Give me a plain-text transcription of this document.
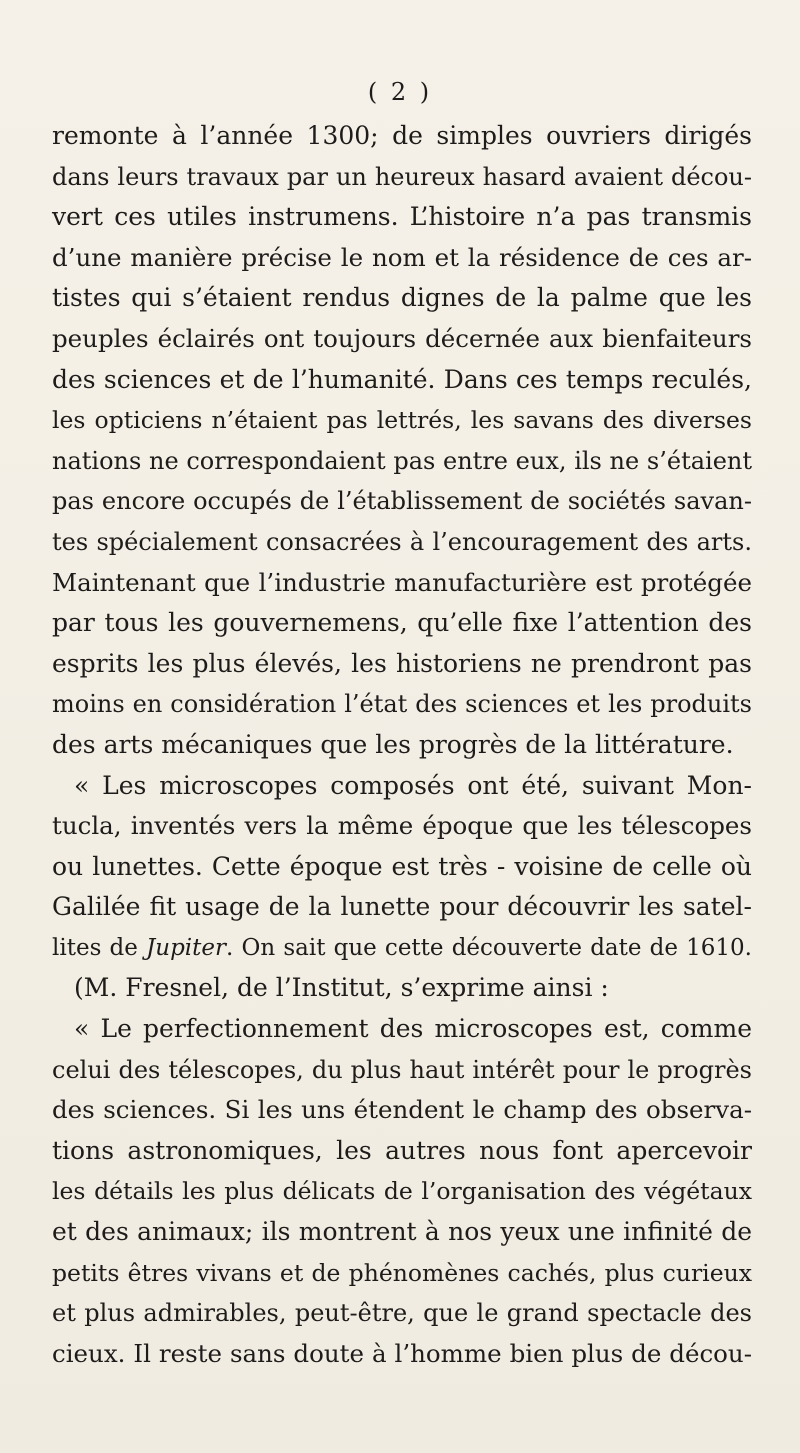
( 2 )
remonte à l’année 1300; de simples ouvriers dirigés
dans leurs travaux par un heureux hasard avaient décou-
vert ces utiles instrumens. L’histoire n’a pas transmis
d’une manière précise le nom et la résidence de ces ar-
tistes qui s’étaient rendus dignes de la palme que les
peuples éclairés ont toujours décernée aux bienfaiteurs
des sciences et de l’humanité. Dans ces temps reculés,
les opticiens n’étaient pas lettrés, les savans des diverses
nations ne correspondaient pas entre eux, ils ne s’étaient
pas encore occupés de l’établissement de sociétés savan-
tes spécialement consacrées à l’encouragement des arts.
Maintenant que l’industrie manufacturière est protégée
par tous les gouvernemens, qu’elle fixe l’attention des
esprits les plus élevés, les historiens ne prendront pas
moins en considération l’état des sciences et les produits
des arts mécaniques que les progrès de la littérature.
« Les microscopes composés ont été, suivant Mon-
tucla, inventés vers la même époque que les télescopes
ou lunettes. Cette époque est très - voisine de celle où
Galilée fit usage de la lunette pour découvrir les satel-
lites de Jupiter. On sait que cette découverte date de 1610.
(M. Fresnel, de l’Institut, s’exprime ainsi :
« Le perfectionnement des microscopes est, comme
celui des télescopes, du plus haut intérêt pour le progrès
des sciences. Si les uns étendent le champ des observa-
tions astronomiques, les autres nous font apercevoir
les détails les plus délicats de l’organisation des végétaux
et des animaux; ils montrent à nos yeux une infinité de
petits êtres vivans et de phénomènes cachés, plus curieux
et plus admirables, peut-être, que le grand spectacle des
cieux. Il reste sans doute à l’homme bien plus de décou-
